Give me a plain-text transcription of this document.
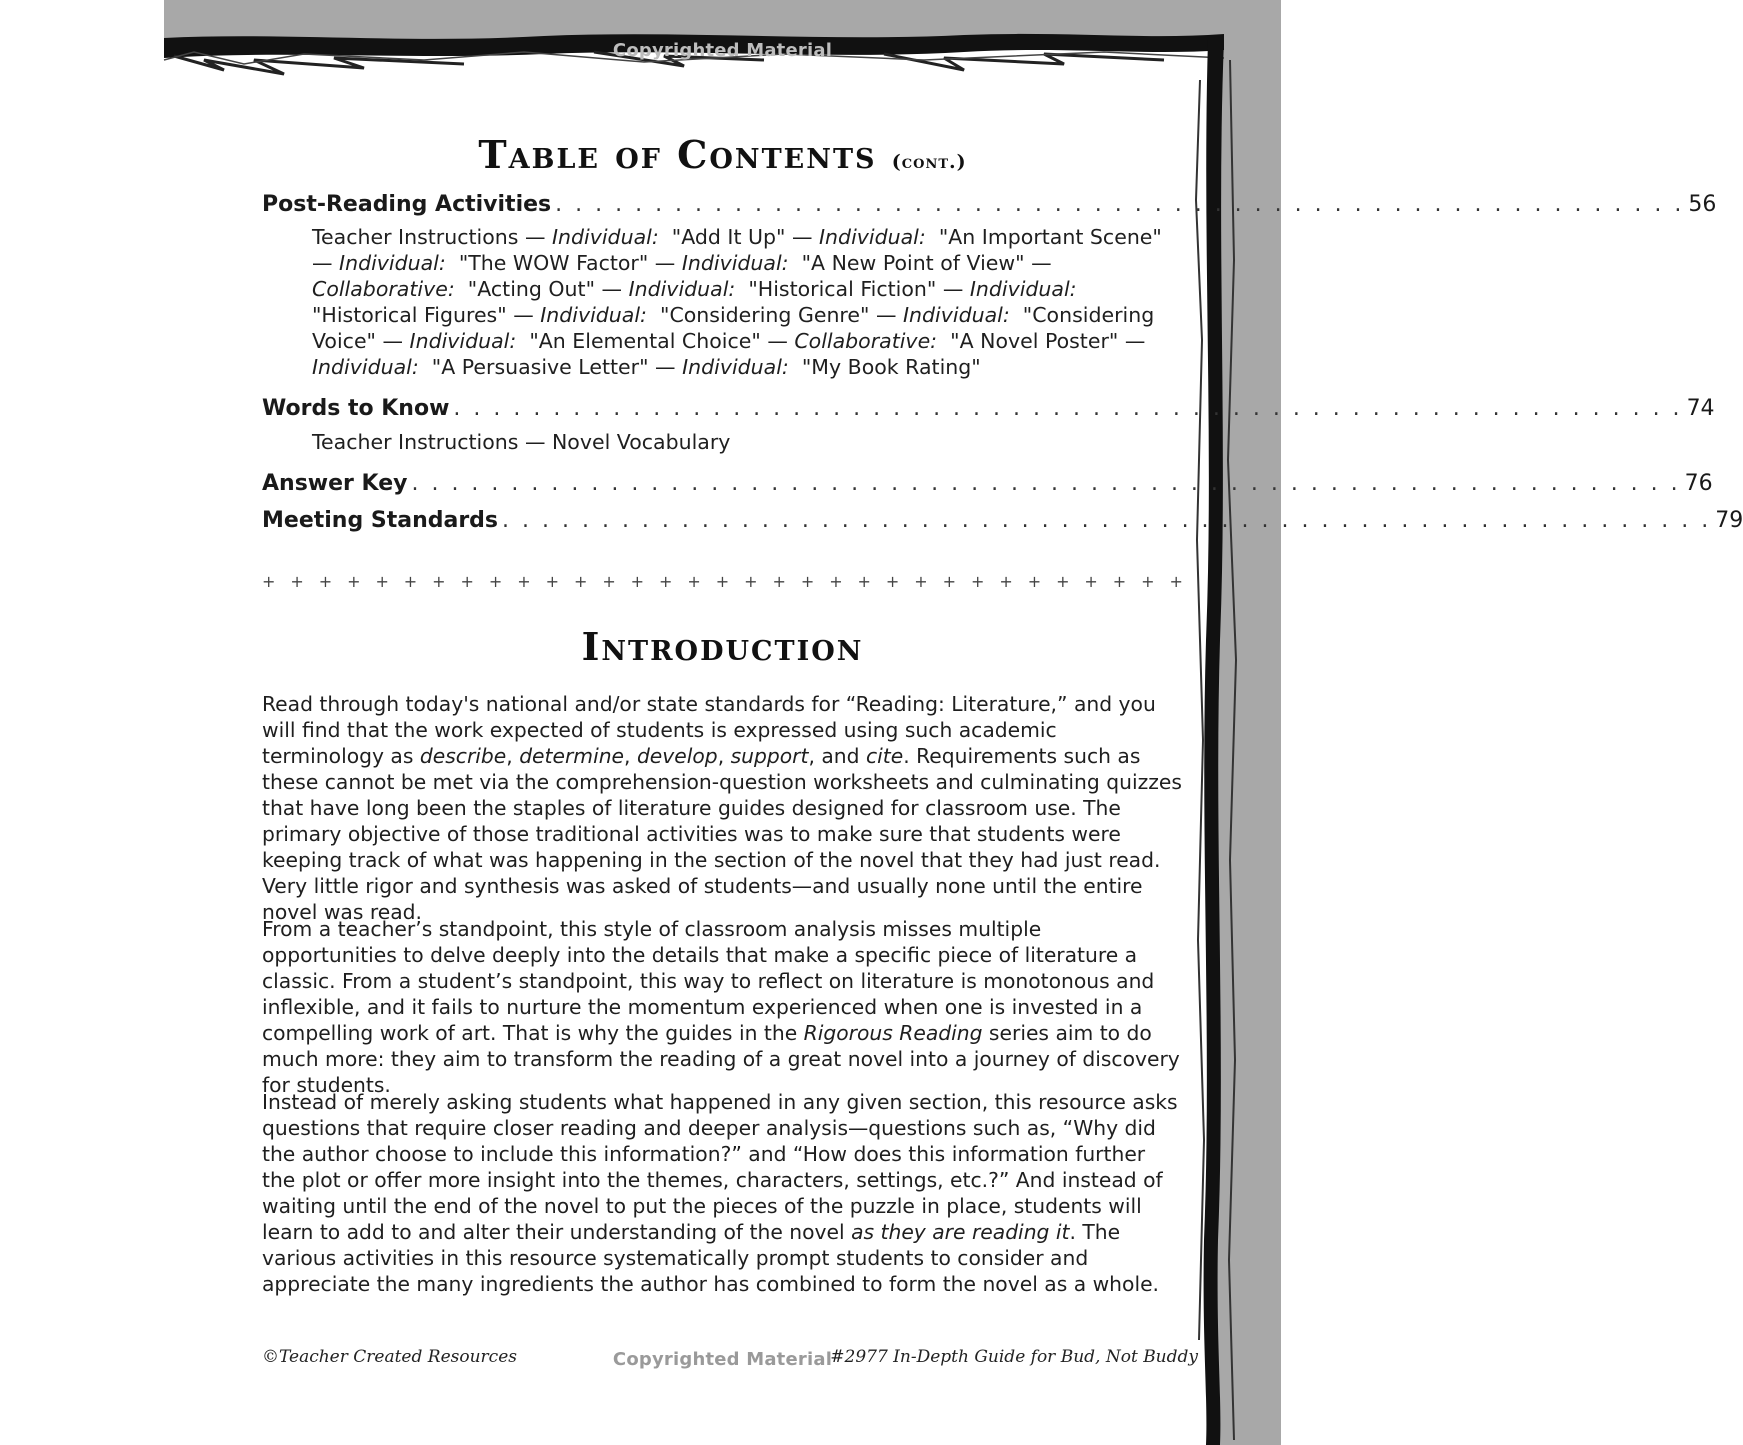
Copyrighted Material
Table of Contents (cont.)
Post-Reading Activities . . . . . . . . . . . . . . . . . . . . . . . . . . . . . . . . . . . . . . . . . . . . . . . . . . . . . . . . . 56
Teacher Instructions — Individual: "Add It Up" — Individual: "An Important Scene" — Individual: "The WOW Factor" — Individual: "A New Point of View" — Collaborative: "Acting Out" — Individual: "Historical Fiction" — Individual:  "Historical Figures" — Individual: "Considering Genre" — Individual: "Considering Voice" — Individual: "An Elemental Choice" — Collaborative: "A Novel Poster" — Individual: "A Persuasive Letter" — Individual: "My Book Rating"
Words to Know . . . . . . . . . . . . . . . . . . . . . . . . . . . . . . . . . . . . . . . . . . . . . . . . . . . . . . . . . . . . . . 74
Teacher Instructions — Novel Vocabulary
Answer Key . . . . . . . . . . . . . . . . . . . . . . . . . . . . . . . . . . . . . . . . . . . . . . . . . . . . . . . . . . . . . . . . 76
Meeting Standards . . . . . . . . . . . . . . . . . . . . . . . . . . . . . . . . . . . . . . . . . . . . . . . . . . . . . . . . . . . . . 79
+ + + + + + + + + + + + + + + + + + + + + + + + + + + + + + + + +
Introduction

Read through today's national and/or state standards for “Reading: Literature,” and you will find that the work expected of students is expressed using such academic terminology as describe, determine, develop, support, and cite. Requirements such as these cannot be met via the comprehension-question worksheets and culminating quizzes that have long been the staples of literature guides designed for classroom use. The primary objective of those traditional activities was to make sure that students were keeping track of what was happening in the section of the novel that they had just read. Very little rigor and synthesis was asked of students—and usually none until the entire novel was read.

From a teacher’s standpoint, this style of classroom analysis misses multiple opportunities to delve deeply into the details that make a specific piece of literature a classic. From a student’s standpoint, this way to reflect on literature is monotonous and inflexible, and it fails to nurture the momentum experienced when one is invested in a compelling work of art. That is why the guides in the Rigorous Reading series aim to do much more: they aim to transform the reading of a great novel into a journey of discovery for students.

Instead of merely asking students what happened in any given section, this resource asks questions that require closer reading and deeper analysis—questions such as, “Why did the author choose to include this information?” and “How does this information further the plot or offer more insight into the themes, characters, settings, etc.?” And instead of waiting until the end of the novel to put the pieces of the puzzle in place, students will learn to add to and alter their understanding of the novel as they are reading it. The various activities in this resource systematically prompt students to consider and appreciate the many ingredients the author has combined to form the novel as a whole.

©Teacher Created Resources	Copyrighted Material
#2977 In-Depth Guide for Bud, Not Buddy
